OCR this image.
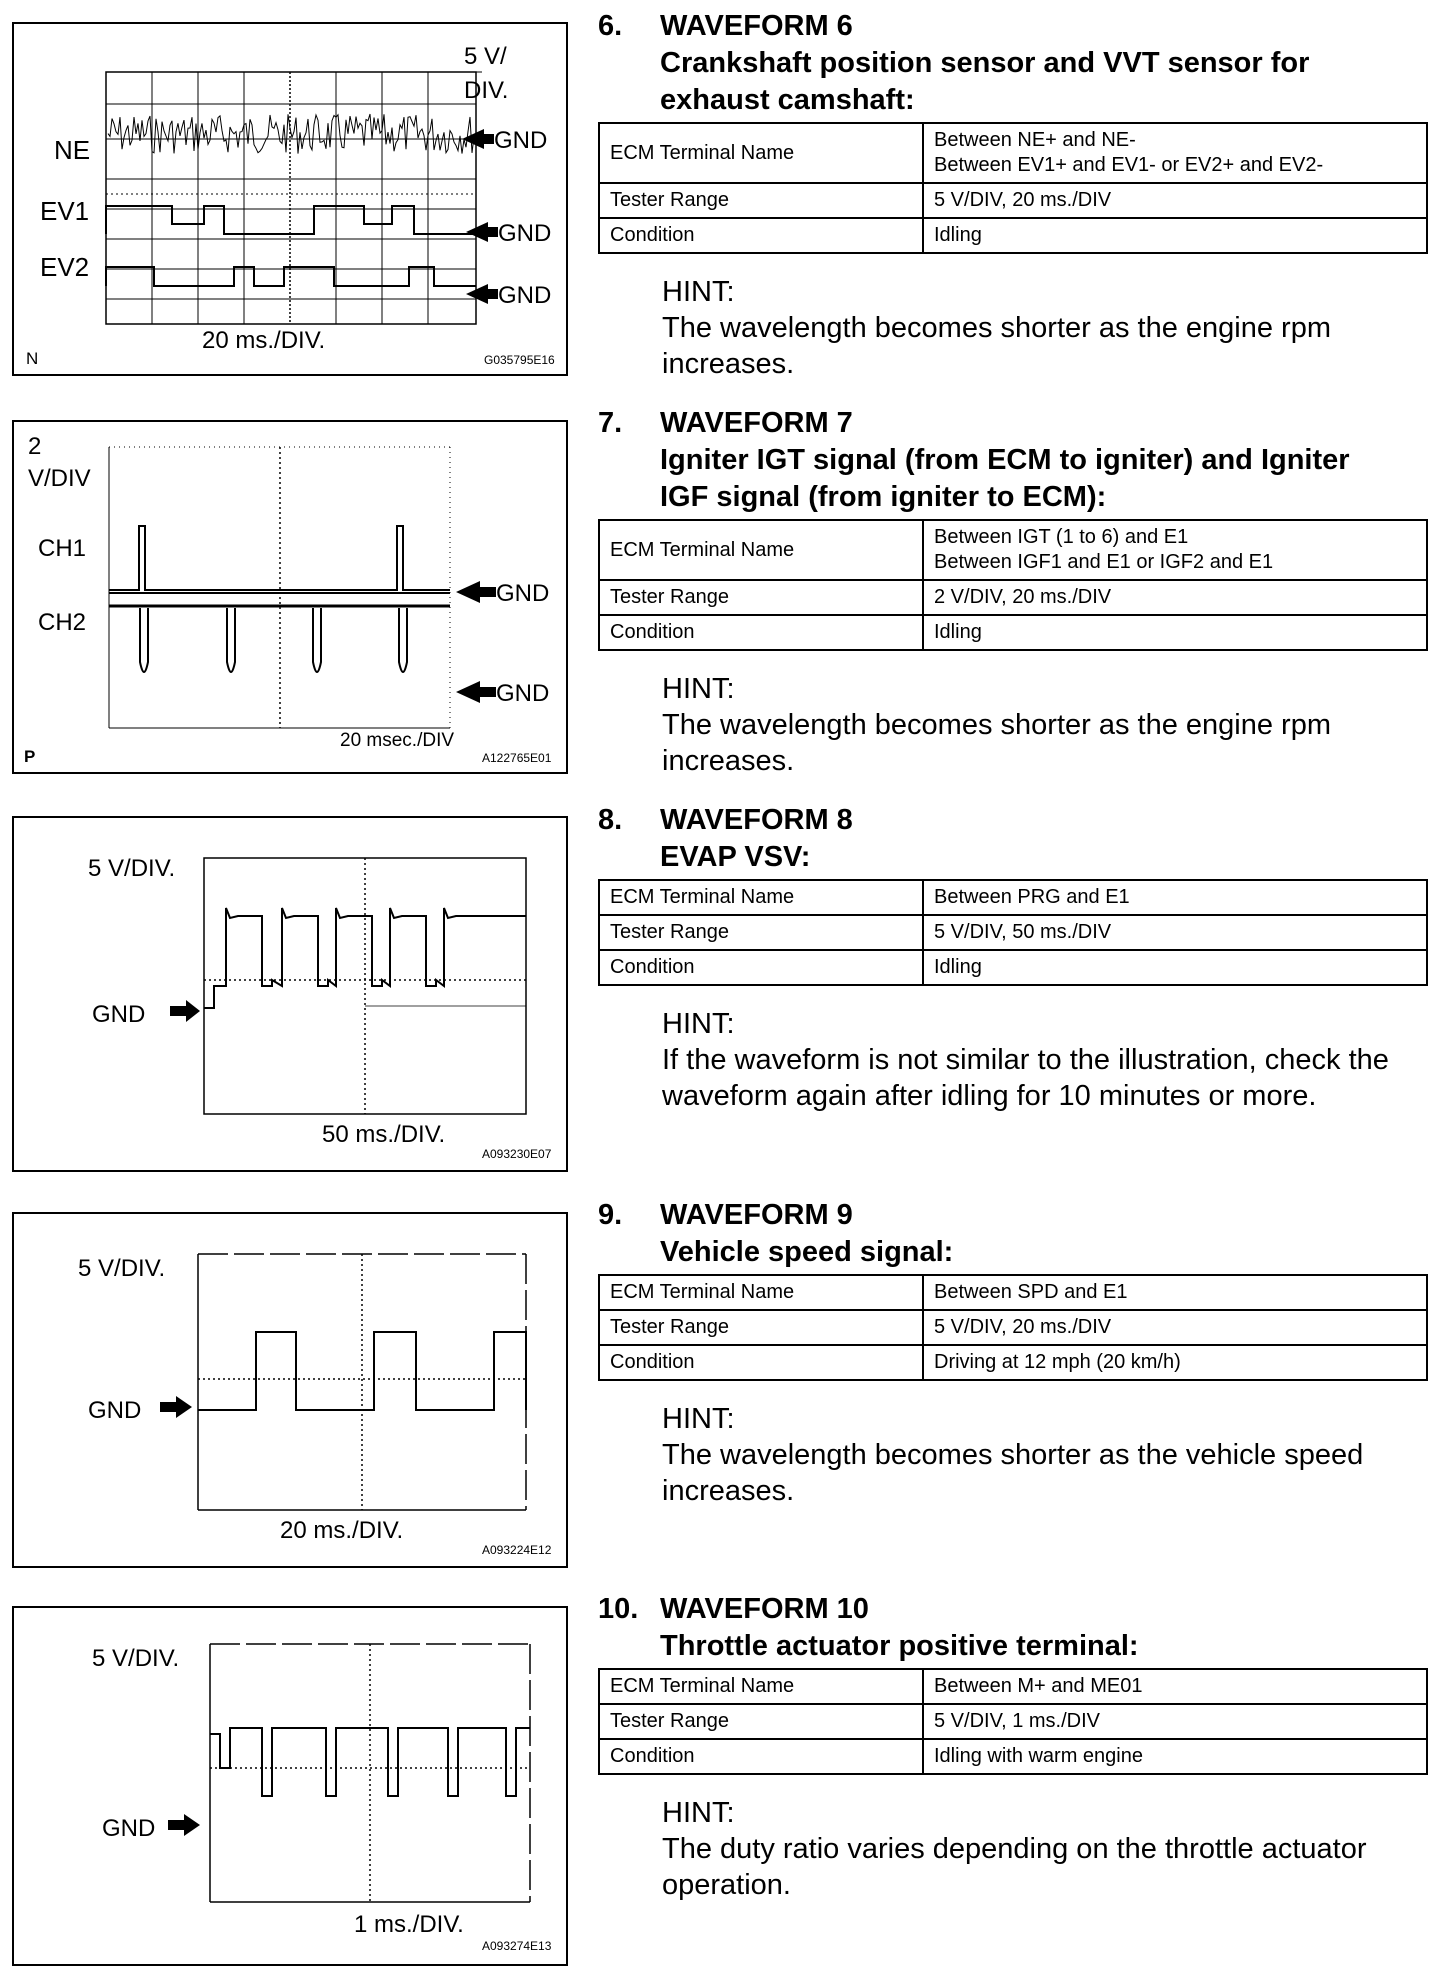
5 V/
DIV.
NE
EV1
EV2
GND
GND
GND
20 ms./DIV.
N	G035795E16
2
V/DIV
CH1
CH2
GND
GND
20 msec./DIV
P	A122765E01
5 V/DIV.
GND
50 ms./DIV.
A093230E07
5 V/DIV.
GND
20 ms./DIV.
A093224E12
5 V/DIV.
GND
1 ms./DIV.
A093274E13
6.	WAVEFORM 6
Crankshaft position sensor and VVT sensor for
exhaust camshaft:
ECM Terminal Name	Between NE+ and NE-
Between EV1+ and EV1- or EV2+ and EV2-

Tester Range	5 V/DIV, 20 ms./DIV
Condition	Idling

HINT:

The wavelength becomes shorter as the engine rpm

increases.

7.	WAVEFORM 7
Igniter IGT signal (from ECM to igniter) and Igniter
IGF signal (from igniter to ECM):
ECM Terminal Name	Between IGT (1 to 6) and E1
Between IGF1 and E1 or IGF2 and E1

Tester Range	2 V/DIV, 20 ms./DIV
Condition	Idling

HINT:

The wavelength becomes shorter as the engine rpm

increases.

8.	WAVEFORM 8
EVAP VSV:
ECM Terminal Name	Between PRG and E1
Tester Range	5 V/DIV, 50 ms./DIV
Condition	Idling

HINT:

If the waveform is not similar to the illustration, check the

waveform again after idling for 10 minutes or more.

9.	WAVEFORM 9
Vehicle speed signal:
ECM Terminal Name	Between SPD and E1
Tester Range	5 V/DIV, 20 ms./DIV
Condition	Driving at 12 mph (20 km/h)

HINT:

The wavelength becomes shorter as the vehicle speed

increases.

10. WAVEFORM 10
Throttle actuator positive terminal:
ECM Terminal Name	Between M+ and ME01
Tester Range	5 V/DIV, 1 ms./DIV
Condition	Idling with warm engine

HINT:

The duty ratio varies depending on the throttle actuator

operation.
